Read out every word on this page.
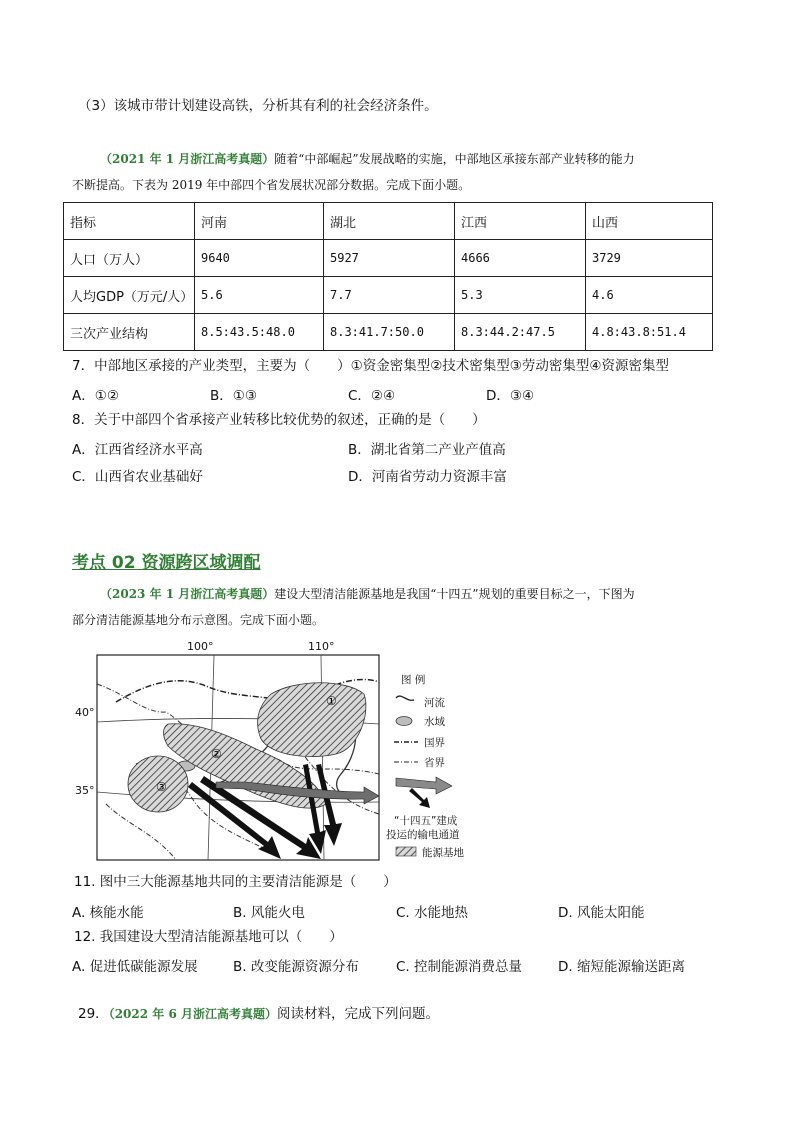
（3）该城市带计划建设高铁，分析其有利的社会经济条件。
（2021 年 1 月浙江高考真题）随着“中部崛起”发展战略的实施，中部地区承接东部产业转移的能力
不断提高。下表为 2019 年中部四个省发展状况部分数据。完成下面小题。
指标	河南	湖北	江西	山西
人口（万人）	9640	5927	4666	3729
人均GDP（万元/人）	5.6	7.7	5.3	4.6
三次产业结构	8.5:43.5:48.0	8.3:41.7:50.0	8.3:44.2:47.5	4.8:43.8:51.4
7．中部地区承接的产业类型，主要为（　　）①资金密集型②技术密集型③劳动密集型④资源密集型
A．①②	B．①③	C．②④	D．③④
8．关于中部四个省承接产业转移比较优势的叙述，正确的是（　　）
A．江西省经济水平高	B．湖北省第二产业产值高
C．山西省农业基础好	D．河南省劳动力资源丰富
考点 02 资源跨区域调配
（2023 年 1 月浙江高考真题）建设大型清洁能源基地是我国“十四五”规划的重要目标之一，下图为
部分清洁能源基地分布示意图。完成下面小题。
①
②
③
图 例
河流
水域
国界
省界
“十四五”建成
投运的输电通道
能源基地
100°	110°
40°
35°
11. 图中三大能源基地共同的主要清洁能源是（　　）
A. 核能水能	B. 风能火电	C. 水能地热	D. 风能太阳能
12. 我国建设大型清洁能源基地可以（　　）
A. 促进低碳能源发展	B. 改变能源资源分布	C. 控制能源消费总量	D. 缩短能源输送距离
29．（2022 年 6 月浙江高考真题）阅读材料，完成下列问题。
